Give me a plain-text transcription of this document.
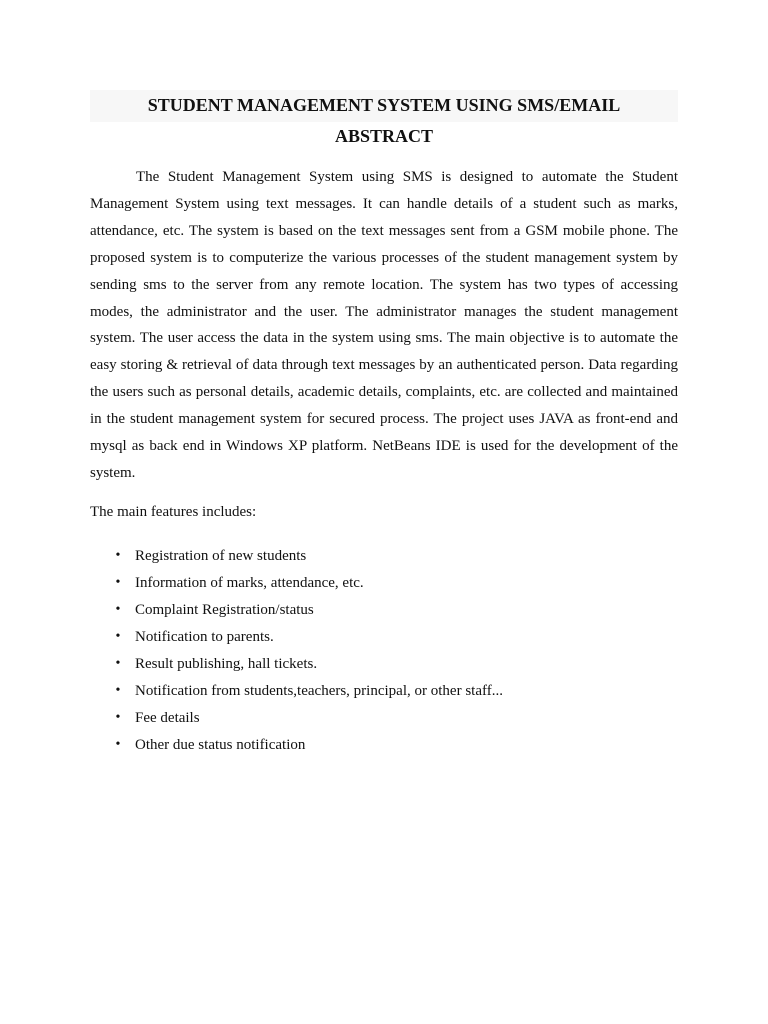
STUDENT MANAGEMENT SYSTEM USING SMS/EMAIL
ABSTRACT

The Student Management System using SMS is designed to automate the Student Management System using text messages. It can handle details of a student such as marks, attendance, etc. The system is based on the text messages sent from a GSM mobile phone. The proposed system is to computerize the various processes of the student management system by sending sms to the server from any remote location. The system has two types of accessing modes, the administrator and the user. The administrator manages the student management system. The user access the data in the system using sms. The main objective is to automate the easy storing & retrieval of data through text messages by an authenticated person. Data regarding the users such as personal details, academic details, complaints, etc. are collected and maintained in the student management system for secured process. The project uses JAVA as front-end and mysql as back end in Windows XP platform. NetBeans IDE is used for the development of the system.

The main features includes:

• Registration of new students
• Information of marks, attendance, etc.
• Complaint Registration/status
• Notification to parents.
• Result publishing, hall tickets.
• Notification from students,teachers, principal, or other staff...
• Fee details
• Other due status notification
